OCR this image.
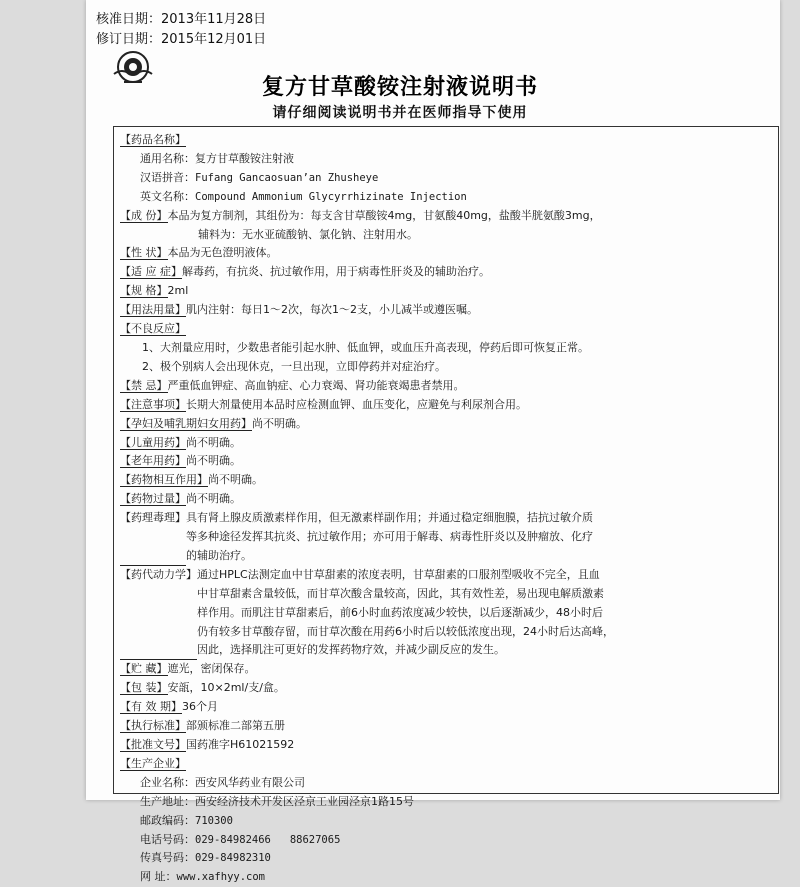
核准日期：2013年11月28日
修订日期：2015年12月01日
复方甘草酸铵注射液说明书
请仔细阅读说明书并在医师指导下使用
【药品名称】
通用名称：复方甘草酸铵注射液
汉语拼音：Fufang Gancaosuan’an Zhusheye
英文名称：Compound Ammonium Glycyrrhizinate Injection
【成 份】本品为复方制剂，其组份为：每支含甘草酸铵4mg，甘氨酸40mg，盐酸半胱氨酸3mg，
辅料为：无水亚硫酸钠、氯化钠、注射用水。
【性 状】本品为无色澄明液体。
【适 应 症】解毒药，有抗炎、抗过敏作用，用于病毒性肝炎及的辅助治疗。
【规 格】2ml
【用法用量】肌内注射：每日1～2次，每次1～2支，小儿减半或遵医嘱。
【不良反应】
1、大剂量应用时，少数患者能引起水肿、低血钾，或血压升高表现，停药后即可恢复正常。
2、极个别病人会出现休克，一旦出现，立即停药并对症治疗。
【禁 忌】严重低血钾症、高血钠症、心力衰竭、肾功能衰竭患者禁用。
【注意事项】长期大剂量使用本品时应检测血钾、血压变化，应避免与利尿剂合用。
【孕妇及哺乳期妇女用药】尚不明确。
【儿童用药】尚不明确。
【老年用药】尚不明确。
【药物相互作用】尚不明确。
【药物过量】尚不明确。
【药理毒理】 具有肾上腺皮质激素样作用，但无激素样副作用；并通过稳定细胞膜，拮抗过敏介质
等多种途径发挥其抗炎、抗过敏作用；亦可用于解毒、病毒性肝炎以及肿瘤放、化疗
的辅助治疗。
【药代动力学】 通过HPLC法测定血中甘草甜素的浓度表明，甘草甜素的口服剂型吸收不完全，且血
中甘草甜素含量较低，而甘草次酸含量较高，因此，其有效性差，易出现电解质激素
样作用。而肌注甘草甜素后，前6小时血药浓度减少较快，以后逐渐减少，48小时后
仍有较多甘草酸存留，而甘草次酸在用药6小时后以较低浓度出现，24小时后达高峰，
因此，选择肌注可更好的发挥药物疗效，并减少副反应的发生。
【贮 藏】遮光，密闭保存。
【包 装】安瓿，10×2ml/支/盒。
【有 效 期】36个月
【执行标准】部颁标准二部第五册
【批准文号】国药准字H61021592
【生产企业】
企业名称：西安风华药业有限公司
生产地址：西安经济技术开发区泾京工业园泾京1路15号
邮政编码：710300
电话号码：029-84982466   88627065
传真号码：029-84982310
网 址：www.xafhyy.com
